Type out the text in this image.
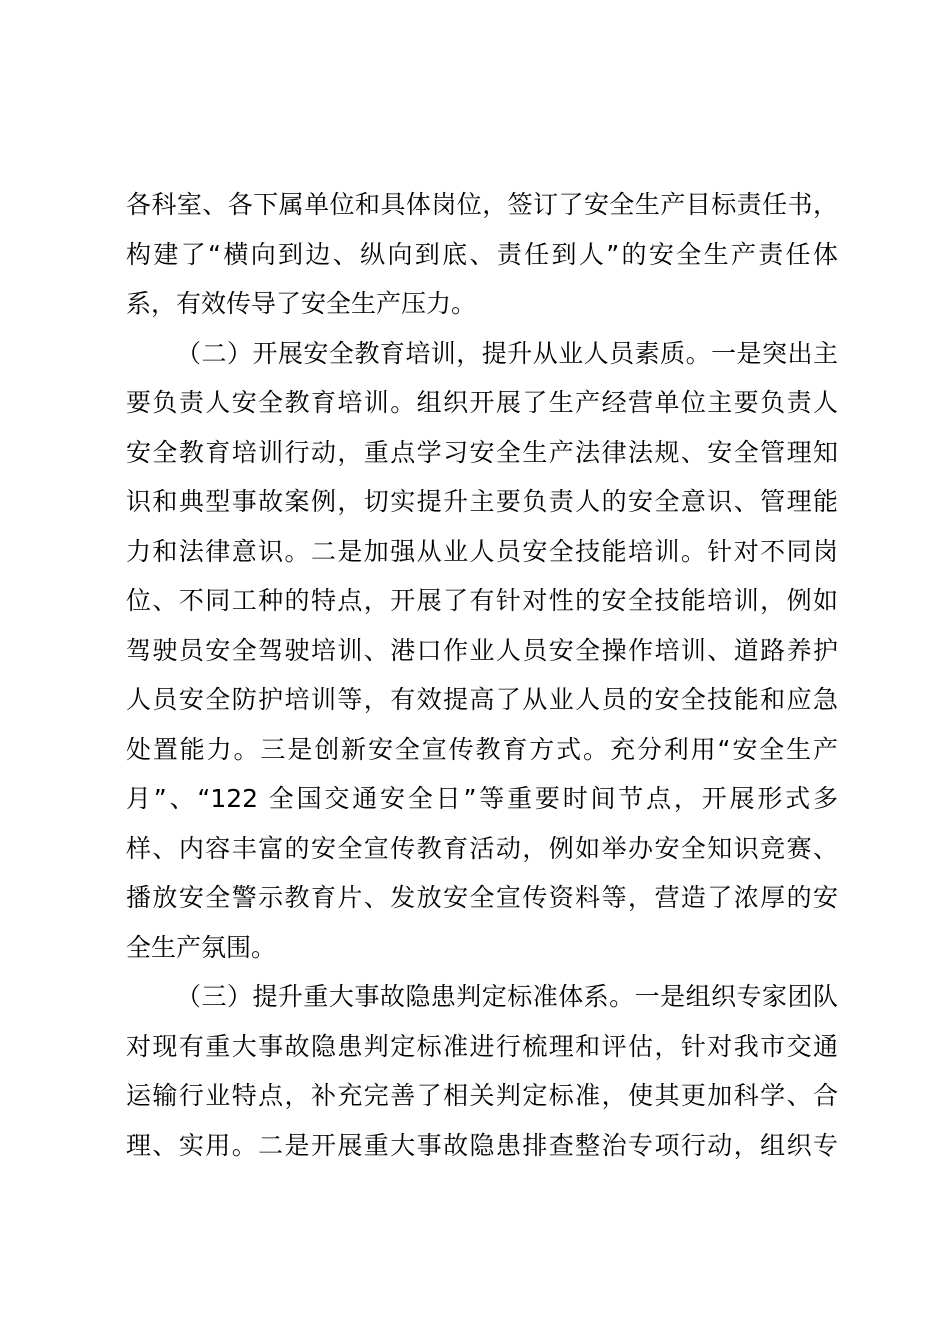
各科室、各下属单位和具体岗位，签订了安全生产目标责任书，
构建了“横向到边、纵向到底、责任到人”的安全生产责任体
系，有效传导了安全生产压力。
（二）开展安全教育培训，提升从业人员素质。一是突出主
要负责人安全教育培训。组织开展了生产经营单位主要负责人
安全教育培训行动，重点学习安全生产法律法规、安全管理知
识和典型事故案例，切实提升主要负责人的安全意识、管理能
力和法律意识。二是加强从业人员安全技能培训。针对不同岗
位、不同工种的特点，开展了有针对性的安全技能培训，例如
驾驶员安全驾驶培训、港口作业人员安全操作培训、道路养护
人员安全防护培训等，有效提高了从业人员的安全技能和应急
处置能力。三是创新安全宣传教育方式。充分利用“安全生产
月”、“122 全国交通安全日”等重要时间节点，开展形式多
样、内容丰富的安全宣传教育活动，例如举办安全知识竞赛、
播放安全警示教育片、发放安全宣传资料等，营造了浓厚的安
全生产氛围。
（三）提升重大事故隐患判定标准体系。一是组织专家团队
对现有重大事故隐患判定标准进行梳理和评估，针对我市交通
运输行业特点，补充完善了相关判定标准，使其更加科学、合
理、实用。二是开展重大事故隐患排查整治专项行动，组织专
